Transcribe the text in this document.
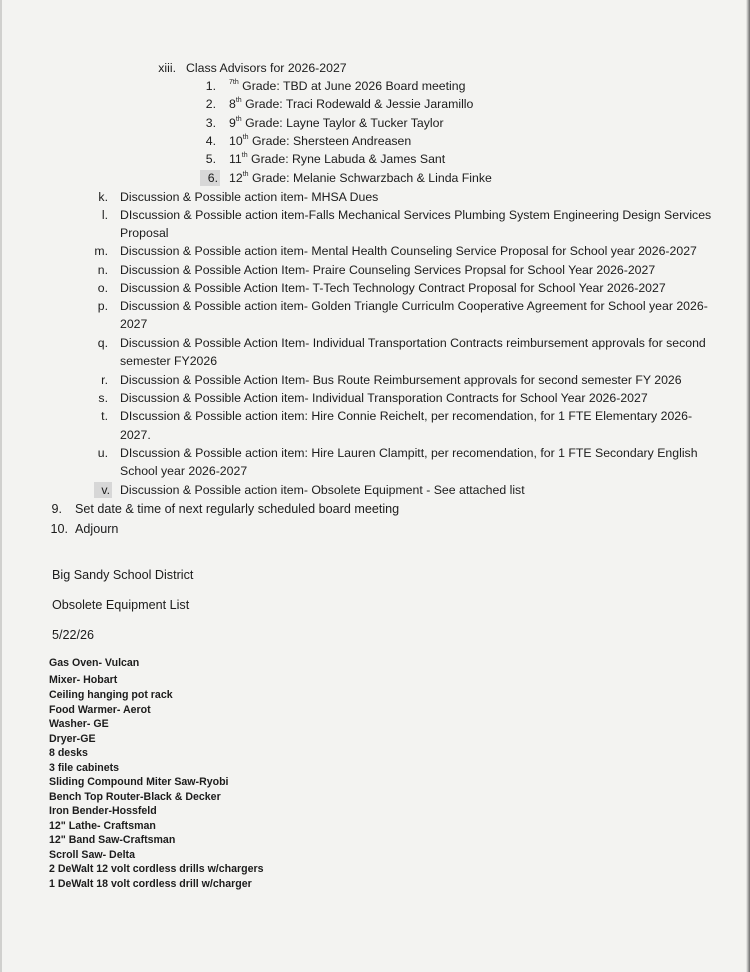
xiii. Class Advisors for 2026-2027
1. $^{7th}$ Grade: TBD at June 2026 Board meeting
2. 8th Grade: Traci Rodewald & Jessie Jaramillo
3. 9th Grade: Layne Taylor & Tucker Taylor
4. 10th Grade: Shersteen Andreasen
5. 11th Grade: Ryne Labuda & James Sant
6. 12th Grade: Melanie Schwarzbach & Linda Finke
k. Discussion & Possible action item- MHSA Dues
l. DIscussion & Possible action item-Falls Mechanical Services Plumbing System Engineering Design Services
Proposal
m. Discussion & Possible action item- Mental Health Counseling Service Proposal for School year 2026-2027
n. Discussion & Possible Action Item- Praire Counseling Services Propsal for School Year 2026-2027
o. Discussion & Possible Action Item- T-Tech Technology Contract Proposal for School Year 2026-2027
p. Discussion & Possible action item- Golden Triangle Curriculm Cooperative Agreement for School year 2026-
2027
q. Discussion & Possible Action Item- Individual Transportation Contracts reimbursement approvals for second
semester FY2026
r. Discussion & Possible Action Item- Bus Route Reimbursement approvals for second semester FY 2026
s. Discussion & Possible Action item- Individual Transporation Contracts for School Year 2026-2027
t. DIscussion & Possible action item: Hire Connie Reichelt, per recomendation, for 1 FTE Elementary 2026-
2027.
u. DIscussion & Possible action item: Hire Lauren Clampitt, per recomendation, for 1 FTE Secondary English
School year 2026-2027
v. Discussion & Possible action item- Obsolete Equipment - See attached list
9. Set date & time of next regularly scheduled board meeting
10. Adjourn
Big Sandy School District
Obsolete Equipment List
5/22/26
Gas Oven- Vulcan
Mixer- Hobart
Ceiling hanging pot rack
Food Warmer- Aerot
Washer- GE
Dryer-GE
8 desks
3 file cabinets
Sliding Compound Miter Saw-Ryobi
Bench Top Router-Black & Decker
Iron Bender-Hossfeld
12" Lathe- Craftsman
12" Band Saw-Craftsman
Scroll Saw- Delta
2 DeWalt 12 volt cordless drills w/chargers
1 DeWalt 18 volt cordless drill w/charger
